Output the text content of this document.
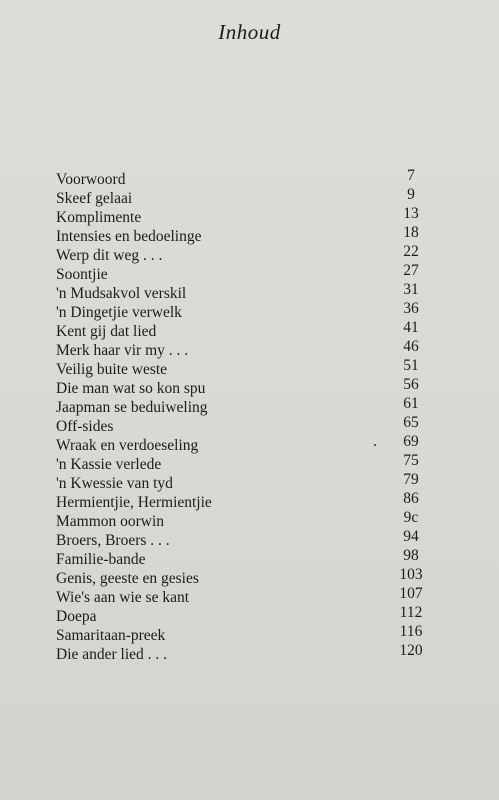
Inhoud
Voorwoord	7
Skeef gelaai	9
Komplimente	13
Intensies en bedoelinge	18
Werp dit weg . . .	22
Soontjie	27
'n Mudsakvol verskil	31
'n Dingetjie verwelk	36
Kent gij dat lied	41
Merk haar vir my . . .	46
Veilig buite weste	51
Die man wat so kon spu	56
Jaapman se beduiweling	61
Off-sides	65
Wraak en verdoeseling	.	69
'n Kassie verlede	75
'n Kwessie van tyd	79
Hermientjie, Hermientjie	86
Mammon oorwin	9c
Broers, Broers . . .	94
Familie-bande	98
Genis, geeste en gesies	103
Wie's aan wie se kant	107
Doepa	112
Samaritaan-preek	116
Die ander lied . . .	120
